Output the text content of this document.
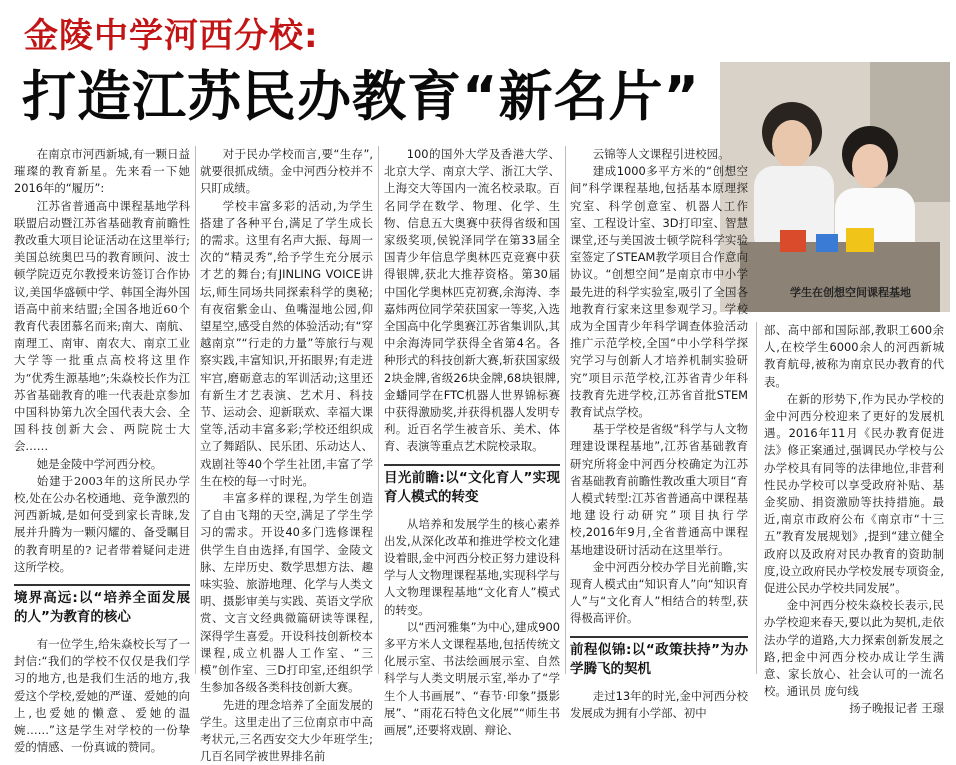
金陵中学河西分校:
打造江苏民办教育“新名片”
学生在创想空间课程基地

在南京市河西新城,有一颗日益璀璨的教育新星。先来看一下她2016年的“履历”:

江苏省普通高中课程基地学科联盟启动暨江苏省基础教育前瞻性教改重大项目论证活动在这里举行;美国总统奥巴马的教育顾问、波士顿学院迈克尔教授来访签订合作协议,美国华盛顿中学、韩国全海外国语高中前来结盟;全国各地近60个教育代表团慕名而来;南大、南航、南理工、南审、南农大、南京工业大学等一批重点高校将这里作为“优秀生源基地”;朱焱校长作为江苏省基础教育的唯一代表赴京参加中国科协第九次全国代表大会、全国科技创新大会、两院院士大会……

她是金陵中学河西分校。

始建于2003年的这所民办学校,处在公办名校通地、竞争激烈的河西新城,是如何受到家长青睐,发展并升腾为一颗闪耀的、备受瞩目的教育明星的? 记者带着疑问走进这所学校。

境界高远:以“培养全面发展的人”为教育的核心

有一位学生,给朱焱校长写了一封信:“我们的学校不仅仅是我们学习的地方,也是我们生活的地方,我爱这个学校,爱她的严谨、爱她的向上,也爱她的懒意、爱她的温婉……”这是学生对学校的一份挚爱的情感、一份真诚的赞同。

对于民办学校而言,要“生存”,就要很抓成绩。金中河西分校并不只盯成绩。

学校丰富多彩的活动,为学生搭建了各种平台,满足了学生成长的需求。这里有名声大振、每周一次的“精灵秀”,给予学生充分展示才艺的舞台;有JINLING VOICE讲坛,师生同场共同探索科学的奥秘;有夜宿紫金山、鱼嘴湿地公园,仰望星空,感受自然的体验活动;有“穿越南京”“行走的力量”等旅行与观察实践,丰富知识,开拓眼界;有走进牢宫,磨砺意志的军训活动;这里还有新生才艺表演、艺术月、科技节、运动会、迎新联欢、幸福大课堂等,活动丰富多彩;学校还组织成立了舞蹈队、民乐团、乐动达人、戏剧社等40个学生社团,丰富了学生在校的每一寸时光。

丰富多样的课程,为学生创造了自由飞翔的天空,满足了学生学习的需求。开设40多门选修课程供学生自由选择,有国学、金陵文脉、左岸历史、数学思想方法、趣味实验、旅游地理、化学与人类文明、摄影审美与实践、英语文学欣赏、文言文经典微篇研读等课程,深得学生喜爱。开设科技创新校本课程,成立机器人工作室、“三模”创作室、三D打印室,还组织学生参加各级各类科技创新大赛。

先进的理念培养了全面发展的学生。这里走出了三位南京市中高考状元,三名西安交大少年班学生;几百名同学被世界排名前

100的国外大学及香港大学、北京大学、南京大学、浙江大学、上海交大等国内一流名校录取。百名同学在数学、物理、化学、生物、信息五大奥赛中获得省级和国家级奖项,侯锐泽同学在第33届全国青少年信息学奥林匹克竞赛中获得银牌,获北大推荐资格。第30届中国化学奥林匹克初赛,余海涛、李嘉炜两位同学荣获国家一等奖,入选全国高中化学奥赛江苏省集训队,其中余海涛同学获得全省第4名。各种形式的科技创新大赛,斩获国家级2块金牌,省级26块金牌,68块银牌,金蟠同学在FTC机器人世界锦标赛中获得激励奖,并获得机器人发明专利。近百名学生被音乐、美术、体育、表演等重点艺术院校录取。

目光前瞻:以“文化育人”实现育人模式的转变

从培养和发展学生的核心素养出发,从深化改革和推进学校文化建设着眼,金中河西分校正努力建设科学与人文物理课程基地,实现科学与人文物理课程基地“文化育人”模式的转变。

以“西河雅集”为中心,建成900多平方米人文课程基地,包括传统文化展示室、书法绘画展示室、自然科学与人类文明展示室,举办了“学生个人书画展”、“春节·印象”摄影展”、“雨花石特色文化展”“师生书画展”,还要将戏剧、辩论、

云锦等人文课程引进校园。

建成1000多平方米的“创想空间”科学课程基地,包括基本原理探究室、科学创意室、机器人工作室、工程设计室、3D打印室、智慧课堂,还与美国波士顿学院科学实验室签定了STEAM教学项目合作意向协议。“创想空间”是南京市中小学最先进的科学实验室,吸引了全国各地教育行家来这里参观学习。学校成为全国青少年科学调查体验活动推广示范学校,全国“中小学科学探究学习与创新人才培养机制实验研究”项目示范学校,江苏省青少年科技教育先进学校,江苏省首批STEM教育试点学校。

基于学校是省级“科学与人文物理建设课程基地”,江苏省基础教育研究所将金中河西分校确定为江苏省基础教育前瞻性教改重大项目“育人模式转型:江苏省普通高中课程基地建设行动研究”项目执行学校,2016年9月,全省普通高中课程基地建设研讨活动在这里举行。

金中河西分校办学目光前瞻,实现育人模式由“知识育人”向“知识育人”与“文化育人”相结合的转型,获得极高评价。

前程似锦:以“政策扶持”为办学腾飞的契机

走过13年的时光,金中河西分校发展成为拥有小学部、初中

部、高中部和国际部,教职工600余人,在校学生6000余人的河西新城教育航母,被称为南京民办教育的代表。

在新的形势下,作为民办学校的金中河西分校迎来了更好的发展机遇。2016年11月《民办教育促进法》修正案通过,强调民办学校与公办学校具有同等的法律地位,非营利性民办学校可以享受政府补贴、基金奖励、捐资激励等扶持措施。最近,南京市政府公布《南京市“十三五”教育发展规划》,提到“建立健全政府以及政府对民办教育的资助制度,设立政府民办学校发展专项资金,促进公民办学校共同发展”。

金中河西分校朱焱校长表示,民办学校迎来春天,要以此为契机,走依法办学的道路,大力探索创新发展之路,把金中河西分校办成让学生满意、家长放心、社会认可的一流名校。通讯员 庞句线

扬子晚报记者 王璟
